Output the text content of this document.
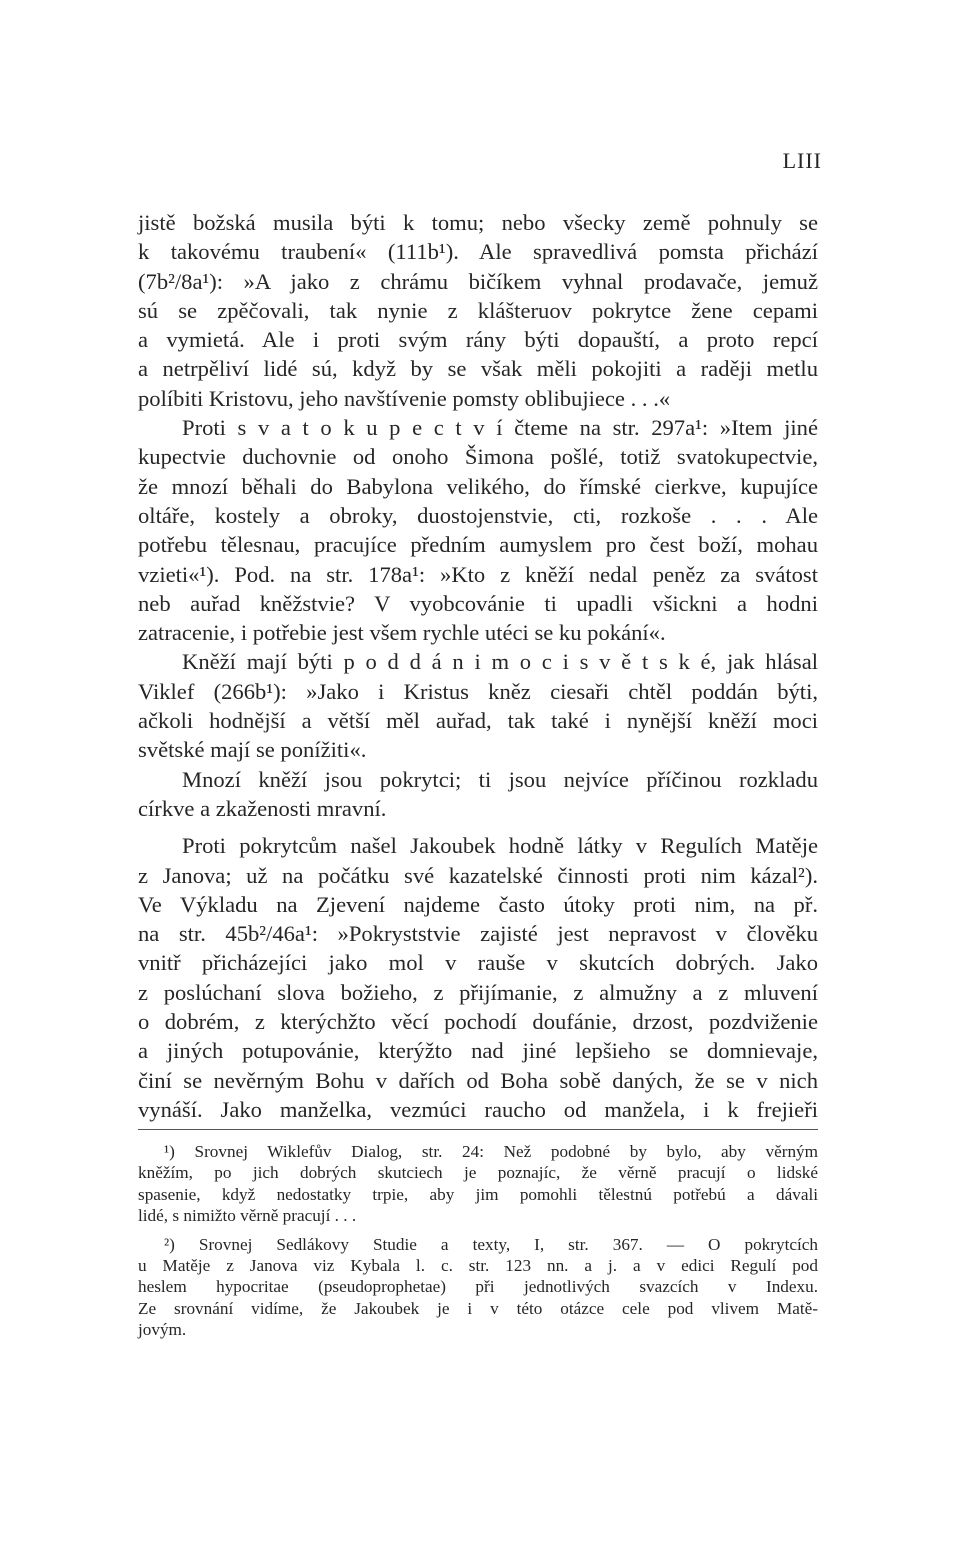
LIII
jistě božská musila býti k tomu; nebo všecky země pohnuly se
k takovému traubení« (111b¹). Ale spravedlivá pomsta přichází
(7b²/8a¹): »A jako z chrámu bičíkem vyhnal prodavače, jemuž
sú se zpěčovali, tak nynie z klášteruov pokrytce žene cepami
a vymietá. Ale i proti svým rány býti dopauští, a proto repcí
a netrpěliví lidé sú, když by se však měli pokojiti a raději metlu
políbiti Kristovu, jeho navštívenie pomsty oblibujiece . . .«
Proti s v a t o k u p e c t v í čteme na str. 297a¹: »Item jiné
kupectvie duchovnie od onoho Šimona pošlé, totiž svatokupectvie,
že mnozí běhali do Babylona velikého, do římské cierkve, kupujíce
oltáře, kostely a obroky, duostojenstvie, cti, rozkoše . . . Ale
potřebu tělesnau, pracujíce předním aumyslem pro čest boží, mohau
vzieti«¹). Pod. na str. 178a¹: »Kto z kněží nedal peněz za svátost
neb auřad kněžstvie? V vyobcovánie ti upadli všickni a hodni
zatracenie, i potřebie jest všem rychle utéci se ku pokání«.
Kněží mají býti p o d d á n i m o c i s v ě t s k é, jak hlásal
Viklef (266b¹): »Jako i Kristus kněz ciesaři chtěl poddán býti,
ačkoli hodnější a větší měl auřad, tak také i nynější kněží moci
světské mají se ponížiti«.
Mnozí kněží jsou pokrytci; ti jsou nejvíce příčinou rozkladu
církve a zkaženosti mravní.
Proti pokrytcům našel Jakoubek hodně látky v Regulích Matěje
z Janova; už na počátku své kazatelské činnosti proti nim kázal²).
Ve Výkladu na Zjevení najdeme často útoky proti nim, na př.
na str. 45b²/46a¹: »Pokryststvie zajisté jest nepravost v člověku
vnitř přicházejíci jako mol v rauše v skutcích dobrých. Jako
z poslúchaní slova božieho, z přijímanie, z almužny a z mluvení
o dobrém, z kterýchžto věcí pochodí doufánie, drzost, pozdviženie
a jiných potupovánie, kterýžto nad jiné lepšieho se domnievaje,
činí se nevěrným Bohu v dařích od Boha sobě daných, že se v nich
vynáší. Jako manželka, vezmúci raucho od manžela, i k frejieři
¹) Srovnej Wiklefův Dialog, str. 24: Než podobné by bylo, aby věrným
kněžím, po jich dobrých skutciech je poznajíc, že věrně pracují o lidské
spasenie, když nedostatky trpie, aby jim pomohli tělestnú potřebú a dávali
lidé, s nimižto věrně pracují . . .
²) Srovnej Sedlákovy Studie a texty, I, str. 367. — O pokrytcích
u Matěje z Janova viz Kybala l. c. str. 123 nn. a j. a v edici Regulí pod
heslem hypocritae (pseudoprophetae) při jednotlivých svazcích v Indexu.
Ze srovnání vidíme, že Jakoubek je i v této otázce cele pod vlivem Matě-
jovým.
